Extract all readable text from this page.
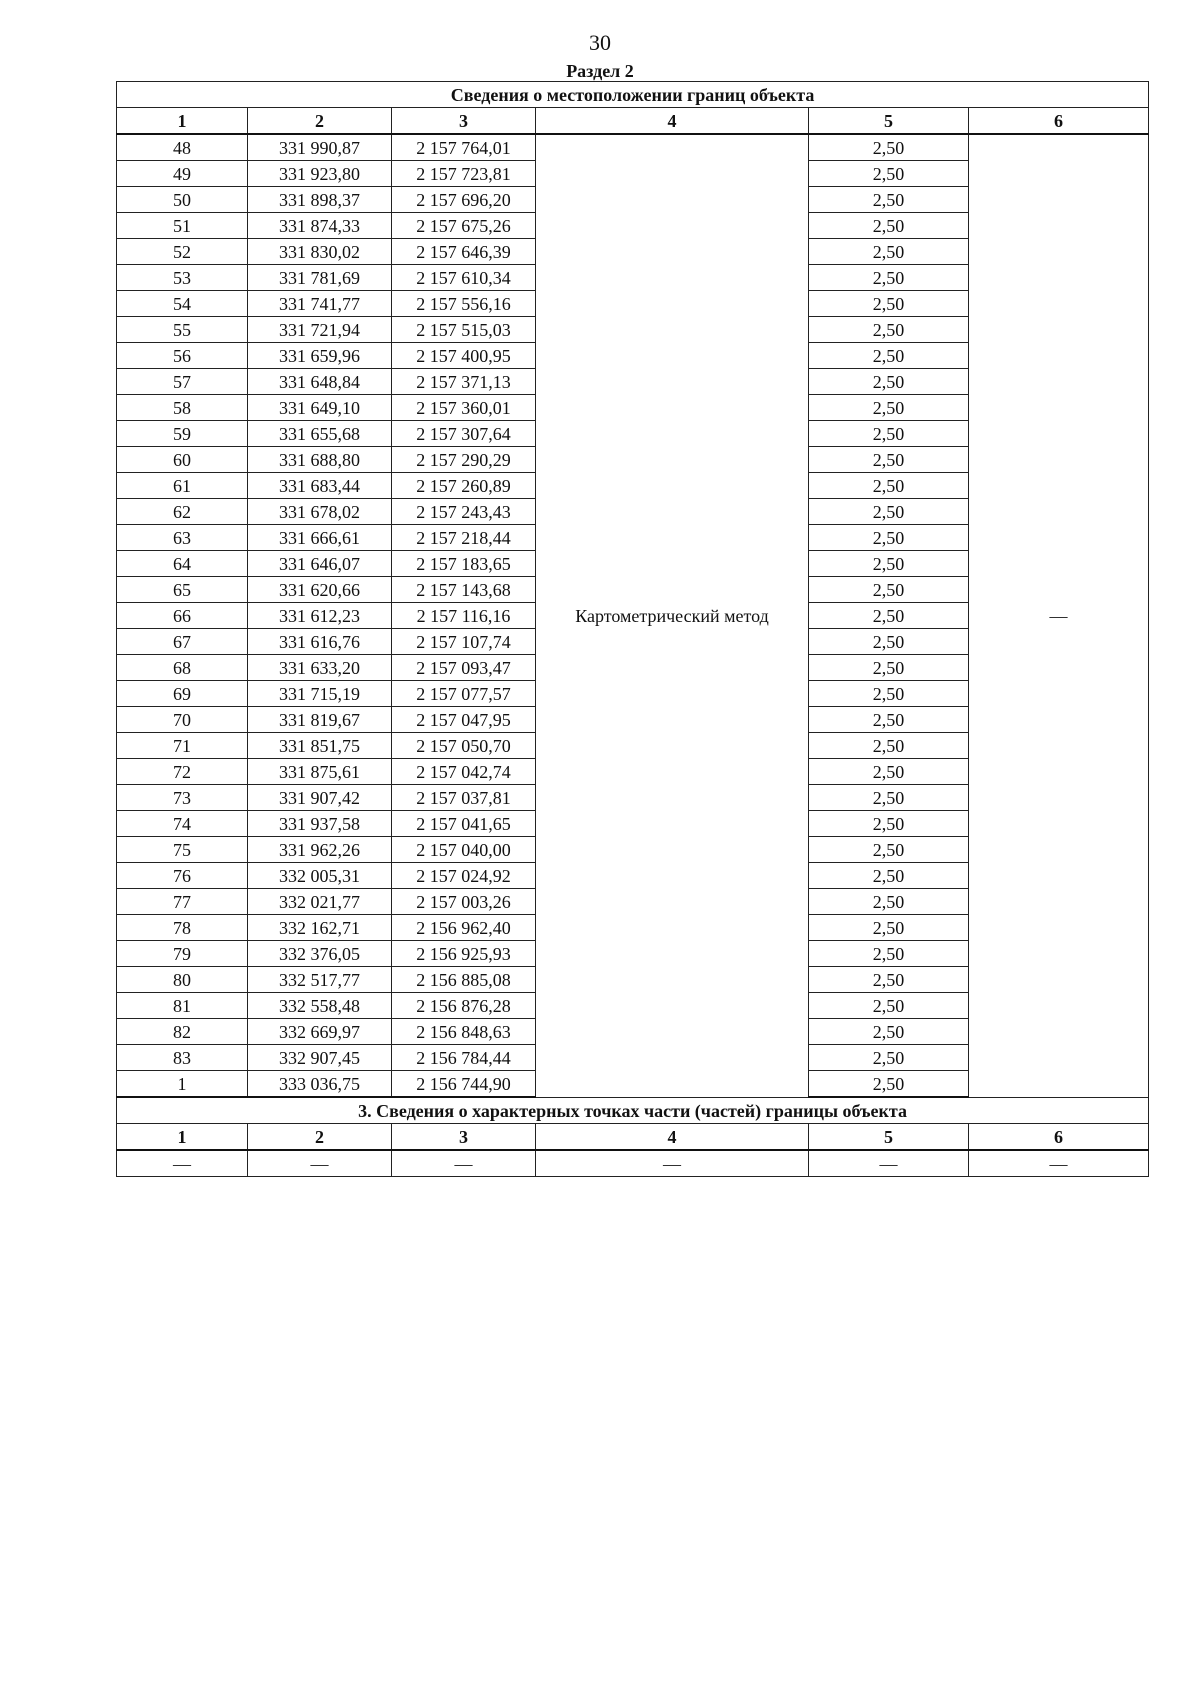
30
Раздел 2
Сведения о местоположении границ объекта					
1	2	3	4	5	6
48	331 990,87	2 157 764,01	Картометрический метод	2,50	—
49	331 923,80	2 157 723,81		2,50	
50	331 898,37	2 157 696,20		2,50	
51	331 874,33	2 157 675,26		2,50	
52	331 830,02	2 157 646,39		2,50	
53	331 781,69	2 157 610,34		2,50	
54	331 741,77	2 157 556,16		2,50	
55	331 721,94	2 157 515,03		2,50	
56	331 659,96	2 157 400,95		2,50	
57	331 648,84	2 157 371,13		2,50	
58	331 649,10	2 157 360,01		2,50	
59	331 655,68	2 157 307,64		2,50	
60	331 688,80	2 157 290,29		2,50	
61	331 683,44	2 157 260,89		2,50	
62	331 678,02	2 157 243,43		2,50	
63	331 666,61	2 157 218,44		2,50	
64	331 646,07	2 157 183,65		2,50	
65	331 620,66	2 157 143,68		2,50	
66	331 612,23	2 157 116,16		2,50	
67	331 616,76	2 157 107,74		2,50	
68	331 633,20	2 157 093,47		2,50	
69	331 715,19	2 157 077,57		2,50	
70	331 819,67	2 157 047,95		2,50	
71	331 851,75	2 157 050,70		2,50	
72	331 875,61	2 157 042,74		2,50	
73	331 907,42	2 157 037,81		2,50	
74	331 937,58	2 157 041,65		2,50	
75	331 962,26	2 157 040,00		2,50	
76	332 005,31	2 157 024,92		2,50	
77	332 021,77	2 157 003,26		2,50	
78	332 162,71	2 156 962,40		2,50	
79	332 376,05	2 156 925,93		2,50	
80	332 517,77	2 156 885,08		2,50	
81	332 558,48	2 156 876,28		2,50	
82	332 669,97	2 156 848,63		2,50	
83	332 907,45	2 156 784,44		2,50	
1	333 036,75	2 156 744,90		2,50	
3. Сведения о характерных точках части (частей) границы объекта					
1	2	3	4	5	6
—	—	—	—	—	—
